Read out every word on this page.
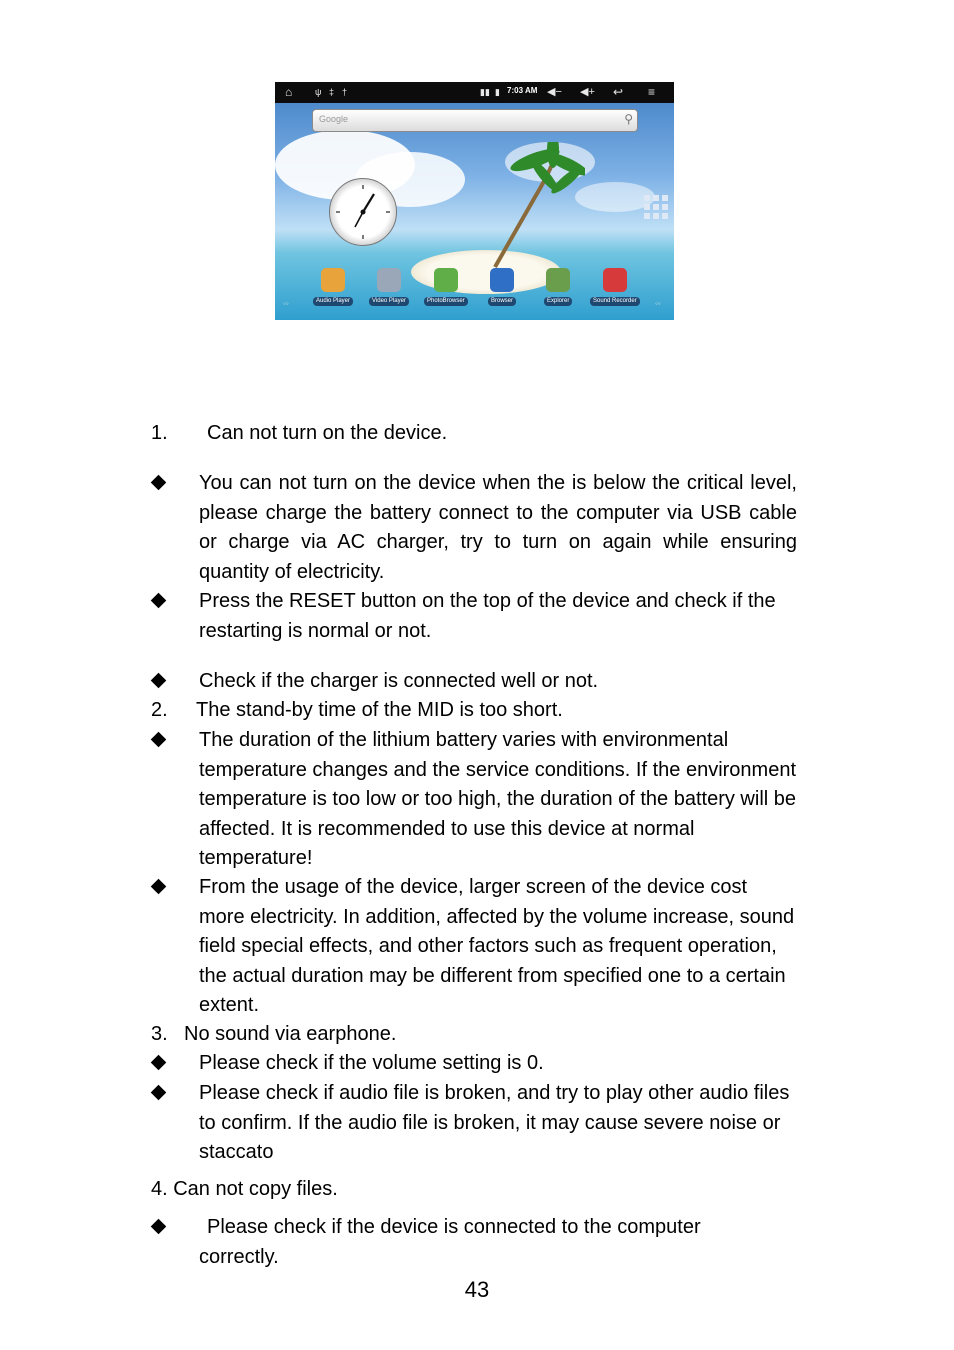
⌂	ψ ‡ †	▮▮ ▮ 7:03 AM ◀− ◀+ ↩ ≡
Google	⚲
◦◦	◦◦
Audio Player	Video Player	PhotoBrowser	Browser	Explorer	Sound Recorder
1. Can not turn on the device.
You can not turn on the device when the is below the critical level, please charge the battery connect to the computer via USB cable or charge via AC charger, try to turn on again while ensuring quantity of electricity.
Press the RESET button on the top of the device and check if the restarting is normal or not.
Check if the charger is connected well or not.
2. The stand-by time of the MID is too short.
The duration of the lithium battery varies with environmental temperature changes and the service conditions. If the environment temperature is too low or too high, the duration of the battery will be affected. It is recommended to use this device at normal temperature!
From the usage of the device, larger screen of the device cost more electricity. In addition, affected by the volume increase, sound field special effects, and other factors such as frequent operation, the actual duration may be different from specified one to a certain extent.
3. No sound via earphone.
Please check if the volume setting is 0.
Please check if audio file is broken, and try to play other audio files to confirm. If the audio file is broken, it may cause severe noise or staccato
4. Can not copy files.
Please check if the device is connected to the computer correctly.
43
